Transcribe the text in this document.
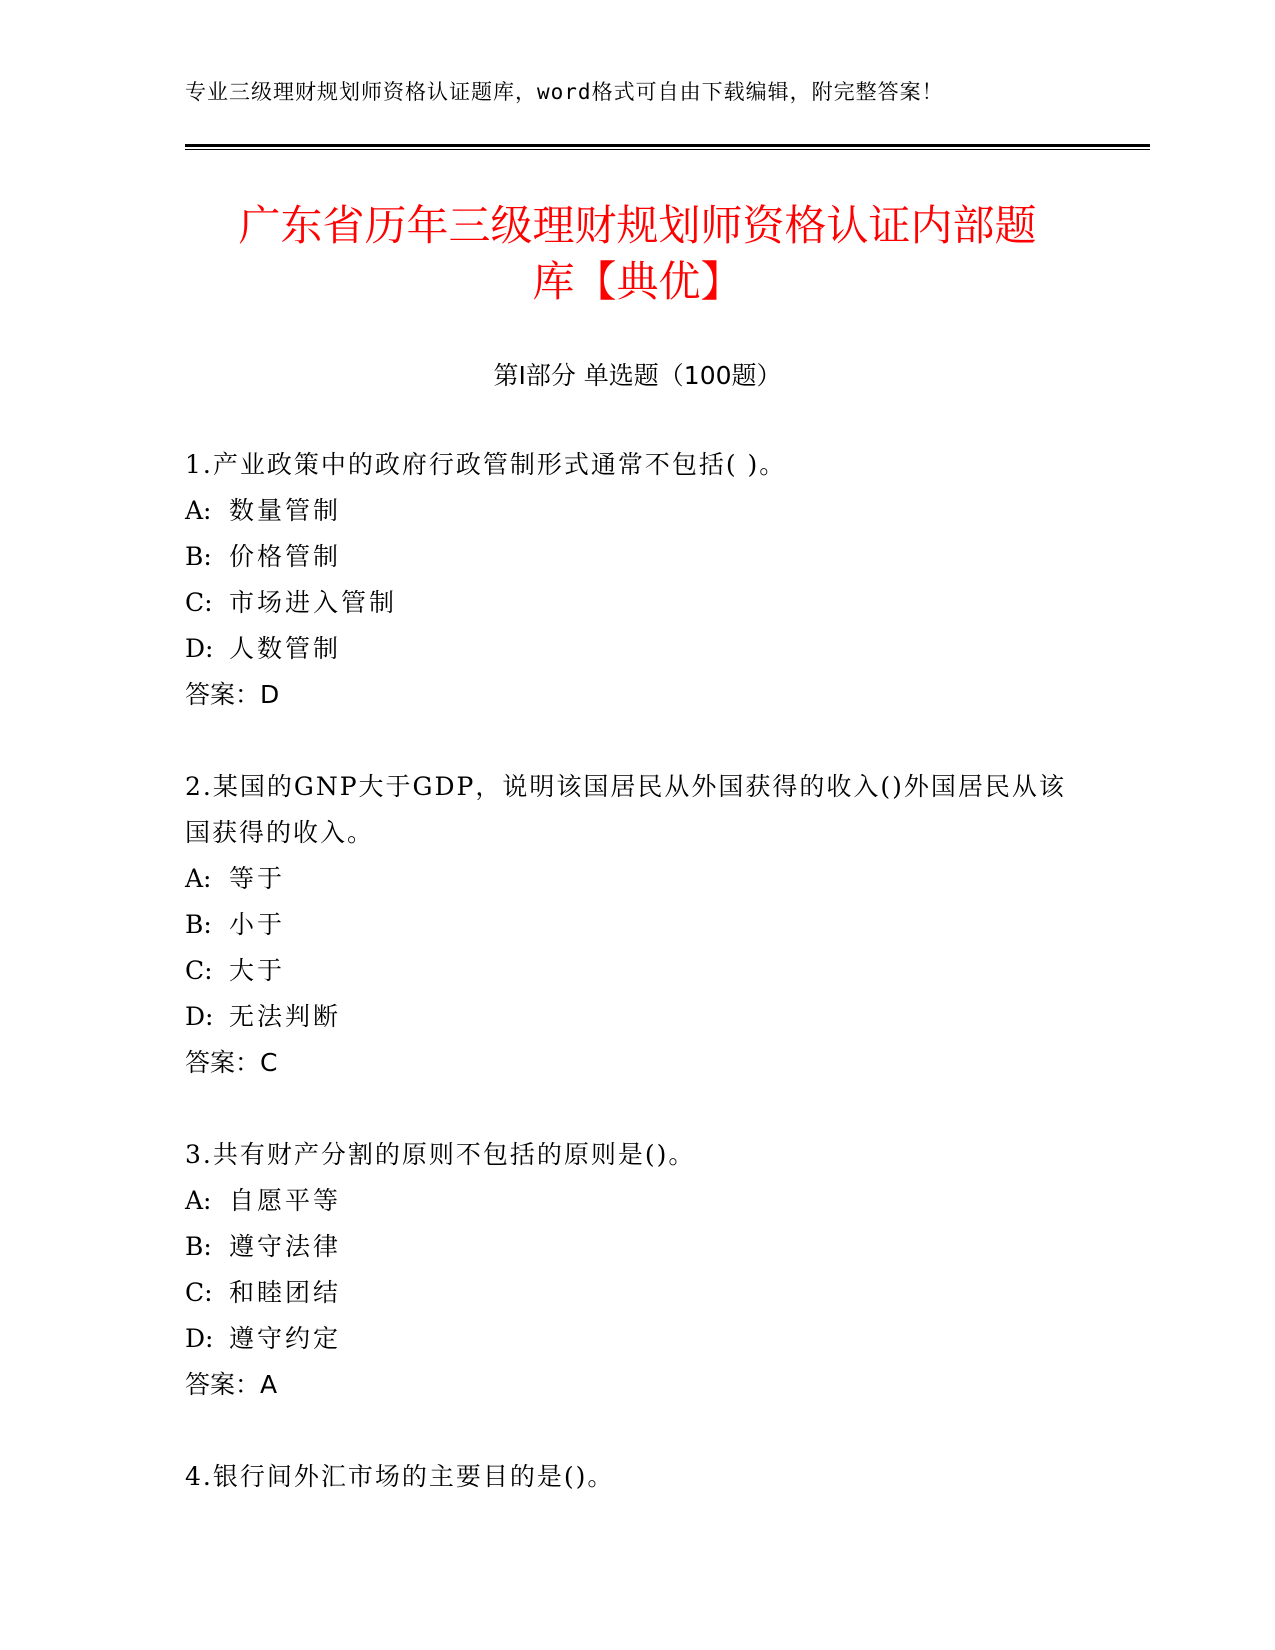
专业三级理财规划师资格认证题库，word格式可自由下载编辑，附完整答案！
广东省历年三级理财规划师资格认证内部题
库【典优】
第Ⅰ部分 单选题（100题）
1.产业政策中的政府行政管制形式通常不包括( )。
A: 数量管制
B: 价格管制
C: 市场进入管制
D: 人数管制
答案：D
2.某国的GNP大于GDP，说明该国居民从外国获得的收入()外国居民从该国获得的收入。
A: 等于
B: 小于
C: 大于
D: 无法判断
答案：C
3.共有财产分割的原则不包括的原则是()。
A: 自愿平等
B: 遵守法律
C: 和睦团结
D: 遵守约定
答案：A
4.银行间外汇市场的主要目的是()。
